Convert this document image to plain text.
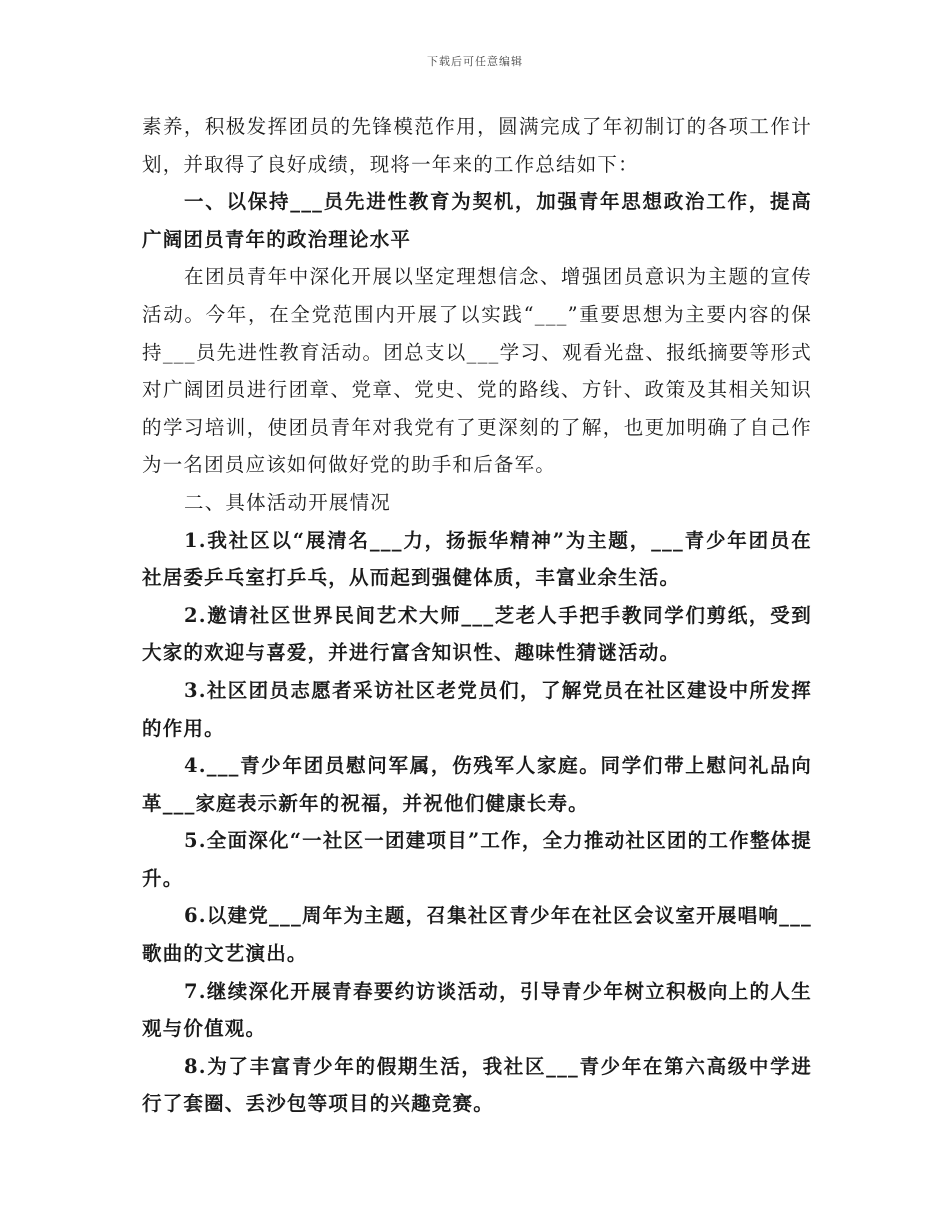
下载后可任意编辑

素养，积极发挥团员的先锋模范作用，圆满完成了年初制订的各项工作计划，并取得了良好成绩，现将一年来的工作总结如下：

一、以保持___员先进性教育为契机，加强青年思想政治工作，提高广阔团员青年的政治理论水平

在团员青年中深化开展以坚定理想信念、增强团员意识为主题的宣传活动。今年，在全党范围内开展了以实践“___”重要思想为主要内容的保持___员先进性教育活动。团总支以___学习、观看光盘、报纸摘要等形式对广阔团员进行团章、党章、党史、党的路线、方针、政策及其相关知识的学习培训，使团员青年对我党有了更深刻的了解，也更加明确了自己作为一名团员应该如何做好党的助手和后备军。

二、具体活动开展情况

1.我社区以“展清名___力，扬振华精神”为主题，___青少年团员在社居委乒乓室打乒乓，从而起到强健体质，丰富业余生活。

2.邀请社区世界民间艺术大师___芝老人手把手教同学们剪纸，受到大家的欢迎与喜爱，并进行富含知识性、趣味性猜谜活动。

3.社区团员志愿者采访社区老党员们，了解党员在社区建设中所发挥的作用。

4.___青少年团员慰问军属，伤残军人家庭。同学们带上慰问礼品向革___家庭表示新年的祝福，并祝他们健康长寿。

5.全面深化“一社区一团建项目”工作，全力推动社区团的工作整体提升。

6.以建党___周年为主题，召集社区青少年在社区会议室开展唱响___歌曲的文艺演出。

7.继续深化开展青春要约访谈活动，引导青少年树立积极向上的人生观与价值观。

8.为了丰富青少年的假期生活，我社区___青少年在第六高级中学进行了套圈、丢沙包等项目的兴趣竞赛。
